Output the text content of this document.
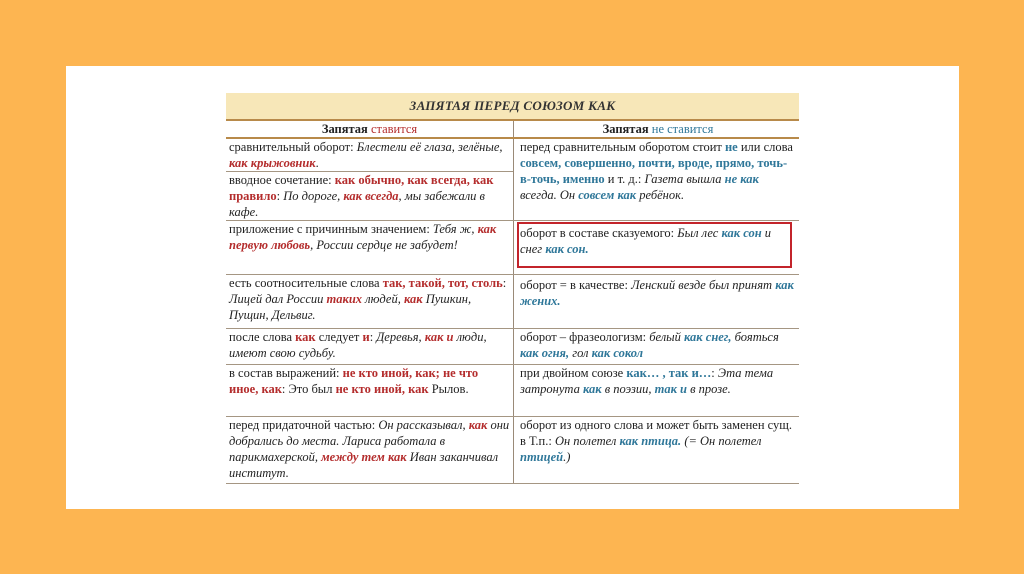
ЗАПЯТАЯ ПЕРЕД СОЮЗОМ КАК
Запятая ставится	Запятая не ставится
сравнительный оборот: Блестели её глаза, зелёные, как крыжовник.
вводное сочетание: как обычно, как всегда, как правило: По дороге, как всегда, мы забежали в кафе.
перед сравнительным оборотом стоит не или слова совсем, совершенно, почти, вроде, прямо, точь-в-точь, именно и т. д.: Газета вышла не как всегда. Он совсем как ребёнок.
приложение с причинным значением: Тебя ж, как первую любовь, России сердце не забудет!
оборот в составе сказуемого: Был лес как сон и снег как сон.
есть соотносительные слова так, такой, тот, столь: Лицей дал России таких людей, как Пушкин, Пущин, Дельвиг.
оборот = в качестве: Ленский везде был принят как жених.
после слова как следует и: Деревья, как и люди, имеют свою судьбу.
оборот – фразеологизм: белый как снег, бояться как огня, гол как сокол
в состав выражений: не кто иной, как; не что иное, как: Это был не кто иной, как Рылов.
при двойном союзе как… , так и…: Эта тема затронута как в поэзии, так и в прозе.
перед придаточной частью: Он рассказывал, как они добрались до места. Лариса работала в парикмахерской, между тем как Иван заканчивал институт.
оборот из одного слова и может быть заменен сущ. в Т.п.: Он полетел как птица. (= Он полетел птицей.)
